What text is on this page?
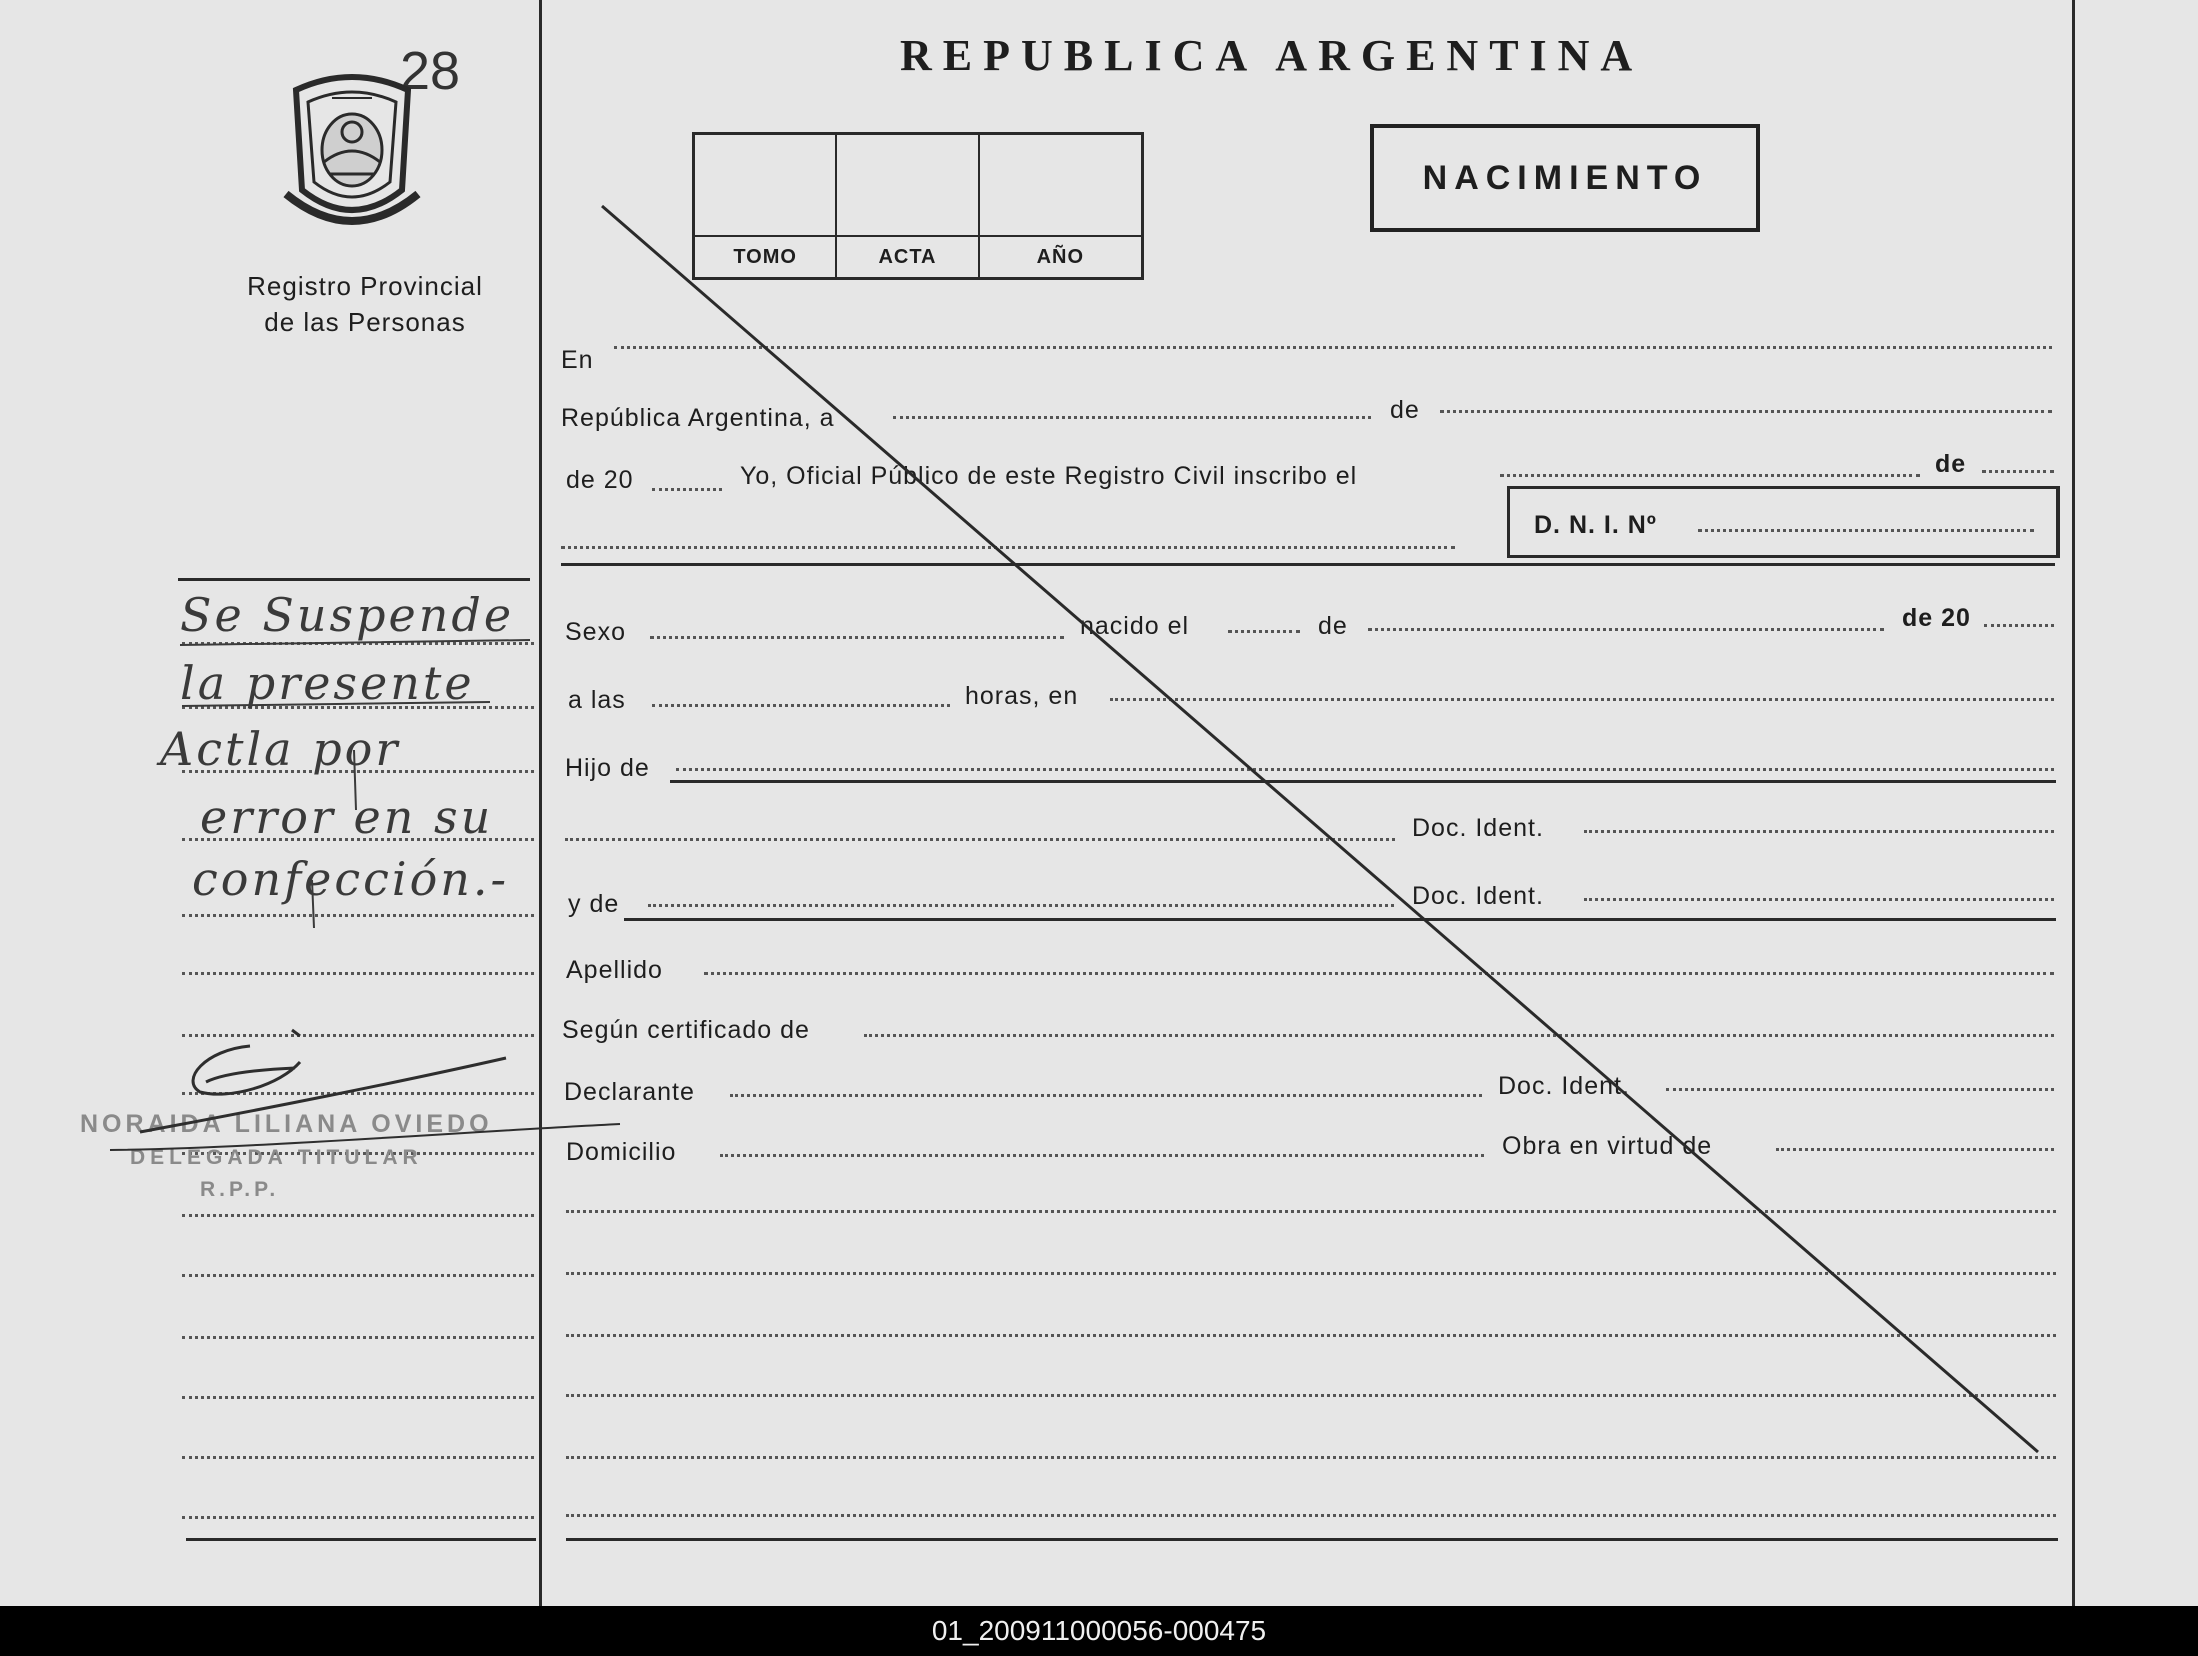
28
Registro Provincial
de las Personas
REPUBLICA ARGENTINA
TOMO	ACTA	AÑO
NACIMIENTO
En
República Argentina, a	de
de 20	Yo, Oficial Público de este Registro Civil inscribo el	de
D. N. I. Nº
Sexo	nacido el	de	de 20
a las	horas, en
Hijo de
Doc. Ident.
y de	Doc. Ident.
Apellido
Según certificado de
Declarante	Doc. Ident.
Domicilio	Obra en virtud de
Se Suspende
la presente
Actla por
error en su
confección.-
NORAIDA LILIANA OVIEDO
DELEGADA TITULAR
R.P.P.
01_200911000056-000475
